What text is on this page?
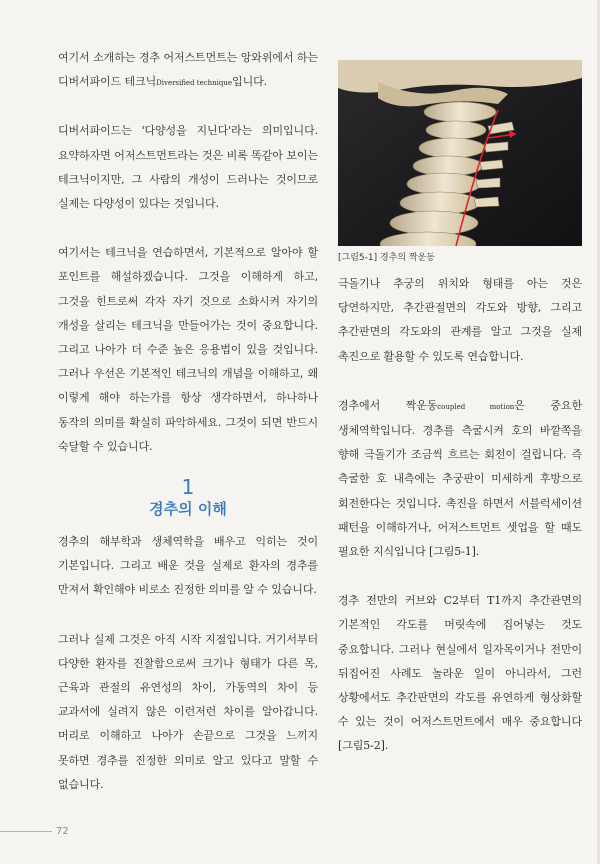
여기서 소개하는 경추 어저스트먼트는 앙와위에서 하는 디버서파이드 테크닉Diversified technique입니다.

디버서파이드는 '다양성을 지닌다'라는 의미입니다. 요약하자면 어저스트먼트라는 것은 비록 똑같아 보이는 테크닉이지만, 그 사람의 개성이 드러나는 것이므로 실제는 다양성이 있다는 것입니다.

여기서는 테크닉을 연습하면서, 기본적으로 알아야 할 포인트를 해설하겠습니다. 그것을 이해하게 하고, 그것을 힌트로써 각자 자기 것으로 소화시켜 자기의 개성을 살리는 테크닉을 만들어가는 것이 중요합니다. 그리고 나아가 더 수준 높은 응용법이 있을 것입니다. 그러나 우선은 기본적인 테크닉의 개념을 이해하고, 왜 이렇게 해야 하는가를 항상 생각하면서, 하나하나 동작의 의미를 확실히 파악하세요. 그것이 되면 반드시 숙달할 수 있습니다.

1
경추의 이해

경추의 해부학과 생체역학을 배우고 익히는 것이 기본입니다. 그리고 배운 것을 실제로 환자의 경추를 만져서 확인해야 비로소 진정한 의미를 알 수 있습니다.

그러나 실제 그것은 아직 시작 지점입니다. 거기서부터 다양한 환자를 진찰함으로써 크기나 형태가 다른 목, 근육과 관절의 유연성의 차이, 가동역의 차이 등 교과서에 실려지 않은 이런저런 차이를 알아갑니다. 머리로 이해하고 나아가 손끝으로 그것을 느끼지 못하면 경추를 진정한 의미로 알고 있다고 말할 수 없습니다.

[그림5-1] 경추의 짝운동

극돌기나 추궁의 위치와 형태를 아는 것은 당연하지만, 추간관절면의 각도와 방향, 그리고 추간판면의 각도와의 관계를 알고 그것을 실제 촉진으로 활용할 수 있도록 연습합니다.

경추에서 짝운동coupled motion은 중요한 생체역학입니다. 경추를 측굴시켜 호의 바깥쪽을 향해 극돌기가 조금씩 흐르는 회전이 걸립니다. 즉 측굴한 호 내측에는 추궁판이 미세하게 후방으로 회전한다는 것입니다. 촉진을 하면서 서블럭세이션 패턴을 이해하거나, 어저스트먼트 셋업을 할 때도 필요한 지식입니다 [그림5-1].

경추 전만의 커브와 C2부터 T1까지 추간관면의 기본적인 각도를 머릿속에 집어넣는 것도 중요합니다. 그러나 현실에서 일자목이거나 전만이 뒤집어진 사례도 놀라운 일이 아니라서, 그런 상황에서도 추간판면의 각도를 유연하게 형상화할 수 있는 것이 어저스트먼트에서 매우 중요합니다[그림5-2].

72
